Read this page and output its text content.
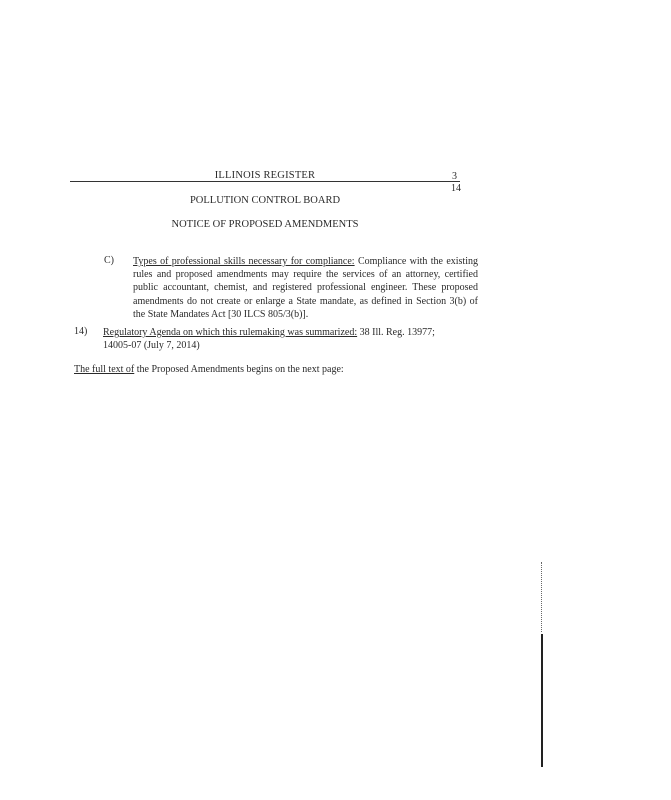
ILLINOIS REGISTER	3
14
POLLUTION CONTROL BOARD
NOTICE OF PROPOSED AMENDMENTS
C) Types of professional skills necessary for compliance: Compliance with the existing rules and proposed amendments may require the services of an attorney, certified public accountant, chemist, and registered professional engineer. These proposed amendments do not create or enlarge a State mandate, as defined in Section 3(b) of the State Mandates Act [30 ILCS 805/3(b)].
14) Regulatory Agenda on which this rulemaking was summarized: 38 Ill. Reg. 13977; 14005-07 (July 7, 2014)
The full text of the Proposed Amendments begins on the next page:
